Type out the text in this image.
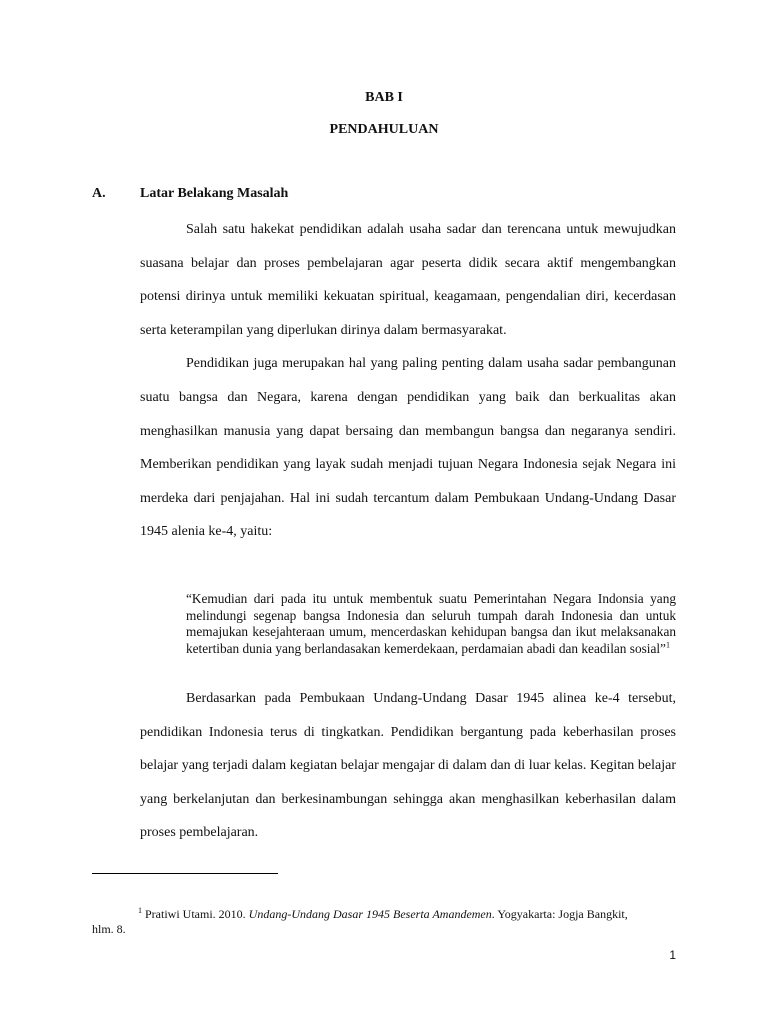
BAB I
PENDAHULUAN
A. Latar Belakang Masalah

Salah satu hakekat pendidikan adalah usaha sadar dan terencana untuk mewujudkan suasana belajar dan proses pembelajaran agar peserta didik secara aktif mengembangkan potensi dirinya untuk memiliki kekuatan spiritual, keagamaan, pengendalian diri, kecerdasan serta keterampilan yang diperlukan dirinya dalam bermasyarakat.

Pendidikan juga merupakan hal yang paling penting dalam usaha sadar pembangunan suatu bangsa dan Negara, karena dengan pendidikan yang baik dan berkualitas akan menghasilkan manusia yang dapat bersaing dan membangun bangsa dan negaranya sendiri. Memberikan pendidikan yang layak sudah menjadi tujuan Negara Indonesia sejak Negara ini merdeka dari penjajahan. Hal ini sudah tercantum dalam Pembukaan Undang-Undang Dasar 1945 alenia ke-4, yaitu:

“Kemudian dari pada itu untuk membentuk suatu Pemerintahan Negara Indonsia yang melindungi segenap bangsa Indonesia dan seluruh tumpah darah Indonesia dan untuk memajukan kesejahteraan umum, mencerdaskan kehidupan bangsa dan ikut melaksanakan ketertiban dunia yang berlandasakan kemerdekaan, perdamaian abadi dan keadilan sosial”$^1$

Berdasarkan pada Pembukaan Undang-Undang Dasar 1945 alinea ke-4 tersebut, pendidikan Indonesia terus di tingkatkan. Pendidikan bergantung pada keberhasilan proses belajar yang terjadi dalam kegiatan belajar mengajar di dalam dan di luar kelas. Kegitan belajar yang berkelanjutan dan berkesinambungan sehingga akan menghasilkan keberhasilan dalam proses pembelajaran.

$^1$ Pratiwi Utami. 2010. Undang-Undang Dasar 1945 Beserta Amandemen. Yogyakarta: Jogja Bangkit,
hlm. 8.
1
